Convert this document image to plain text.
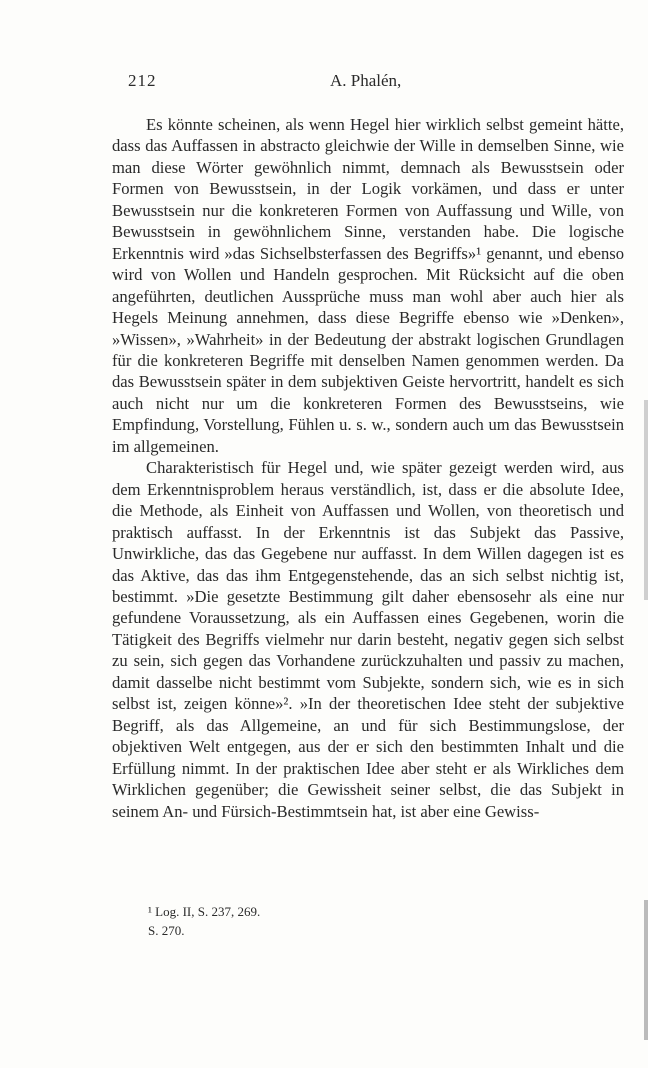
212	A. Phalén,

Es könnte scheinen, als wenn Hegel hier wirklich selbst gemeint hätte, dass das Auffassen in abstracto gleichwie der Wille in demselben Sinne, wie man diese Wörter gewöhnlich nimmt, demnach als Bewusstsein oder Formen von Bewusstsein, in der Logik vorkämen, und dass er unter Bewusstsein nur die konkreteren Formen von Auffassung und Wille, von Bewusstsein in gewöhnlichem Sinne, verstanden habe. Die logische Erkenntnis wird »das Sichselbsterfassen des Begriffs»¹ genannt, und ebenso wird von Wollen und Handeln gesprochen. Mit Rücksicht auf die oben angeführten, deutlichen Aussprüche muss man wohl aber auch hier als Hegels Meinung annehmen, dass diese Begriffe ebenso wie »Denken», »Wissen», »Wahrheit» in der Bedeutung der abstrakt logischen Grundlagen für die konkreteren Begriffe mit denselben Namen genommen werden. Da das Bewusstsein später in dem subjektiven Geiste hervortritt, handelt es sich auch nicht nur um die konkreteren Formen des Bewusstseins, wie Empfindung, Vorstellung, Fühlen u. s. w., sondern auch um das Bewusstsein im allgemeinen.

Charakteristisch für Hegel und, wie später gezeigt werden wird, aus dem Erkenntnisproblem heraus verständlich, ist, dass er die absolute Idee, die Methode, als Einheit von Auffassen und Wollen, von theoretisch und praktisch auffasst. In der Erkenntnis ist das Subjekt das Passive, Unwirkliche, das das Gegebene nur auffasst. In dem Willen dagegen ist es das Aktive, das das ihm Entgegenstehende, das an sich selbst nichtig ist, bestimmt. »Die gesetzte Bestimmung gilt daher ebensosehr als eine nur gefundene Voraussetzung, als ein Auffassen eines Gegebenen, worin die Tätigkeit des Begriffs vielmehr nur darin besteht, negativ gegen sich selbst zu sein, sich gegen das Vorhandene zurückzuhalten und passiv zu machen, damit dasselbe nicht bestimmt vom Subjekte, sondern sich, wie es in sich selbst ist, zeigen könne»². »In der theoretischen Idee steht der subjektive Begriff, als das Allgemeine, an und für sich Bestimmungslose, der objektiven Welt entgegen, aus der er sich den bestimmten Inhalt und die Erfüllung nimmt. In der praktischen Idee aber steht er als Wirkliches dem Wirklichen gegenüber; die Gewissheit seiner selbst, die das Subjekt in seinem An- und Fürsich-Bestimmtsein hat, ist aber eine Gewiss-

¹ Log. II, S. 237, 269.
S. 270.
